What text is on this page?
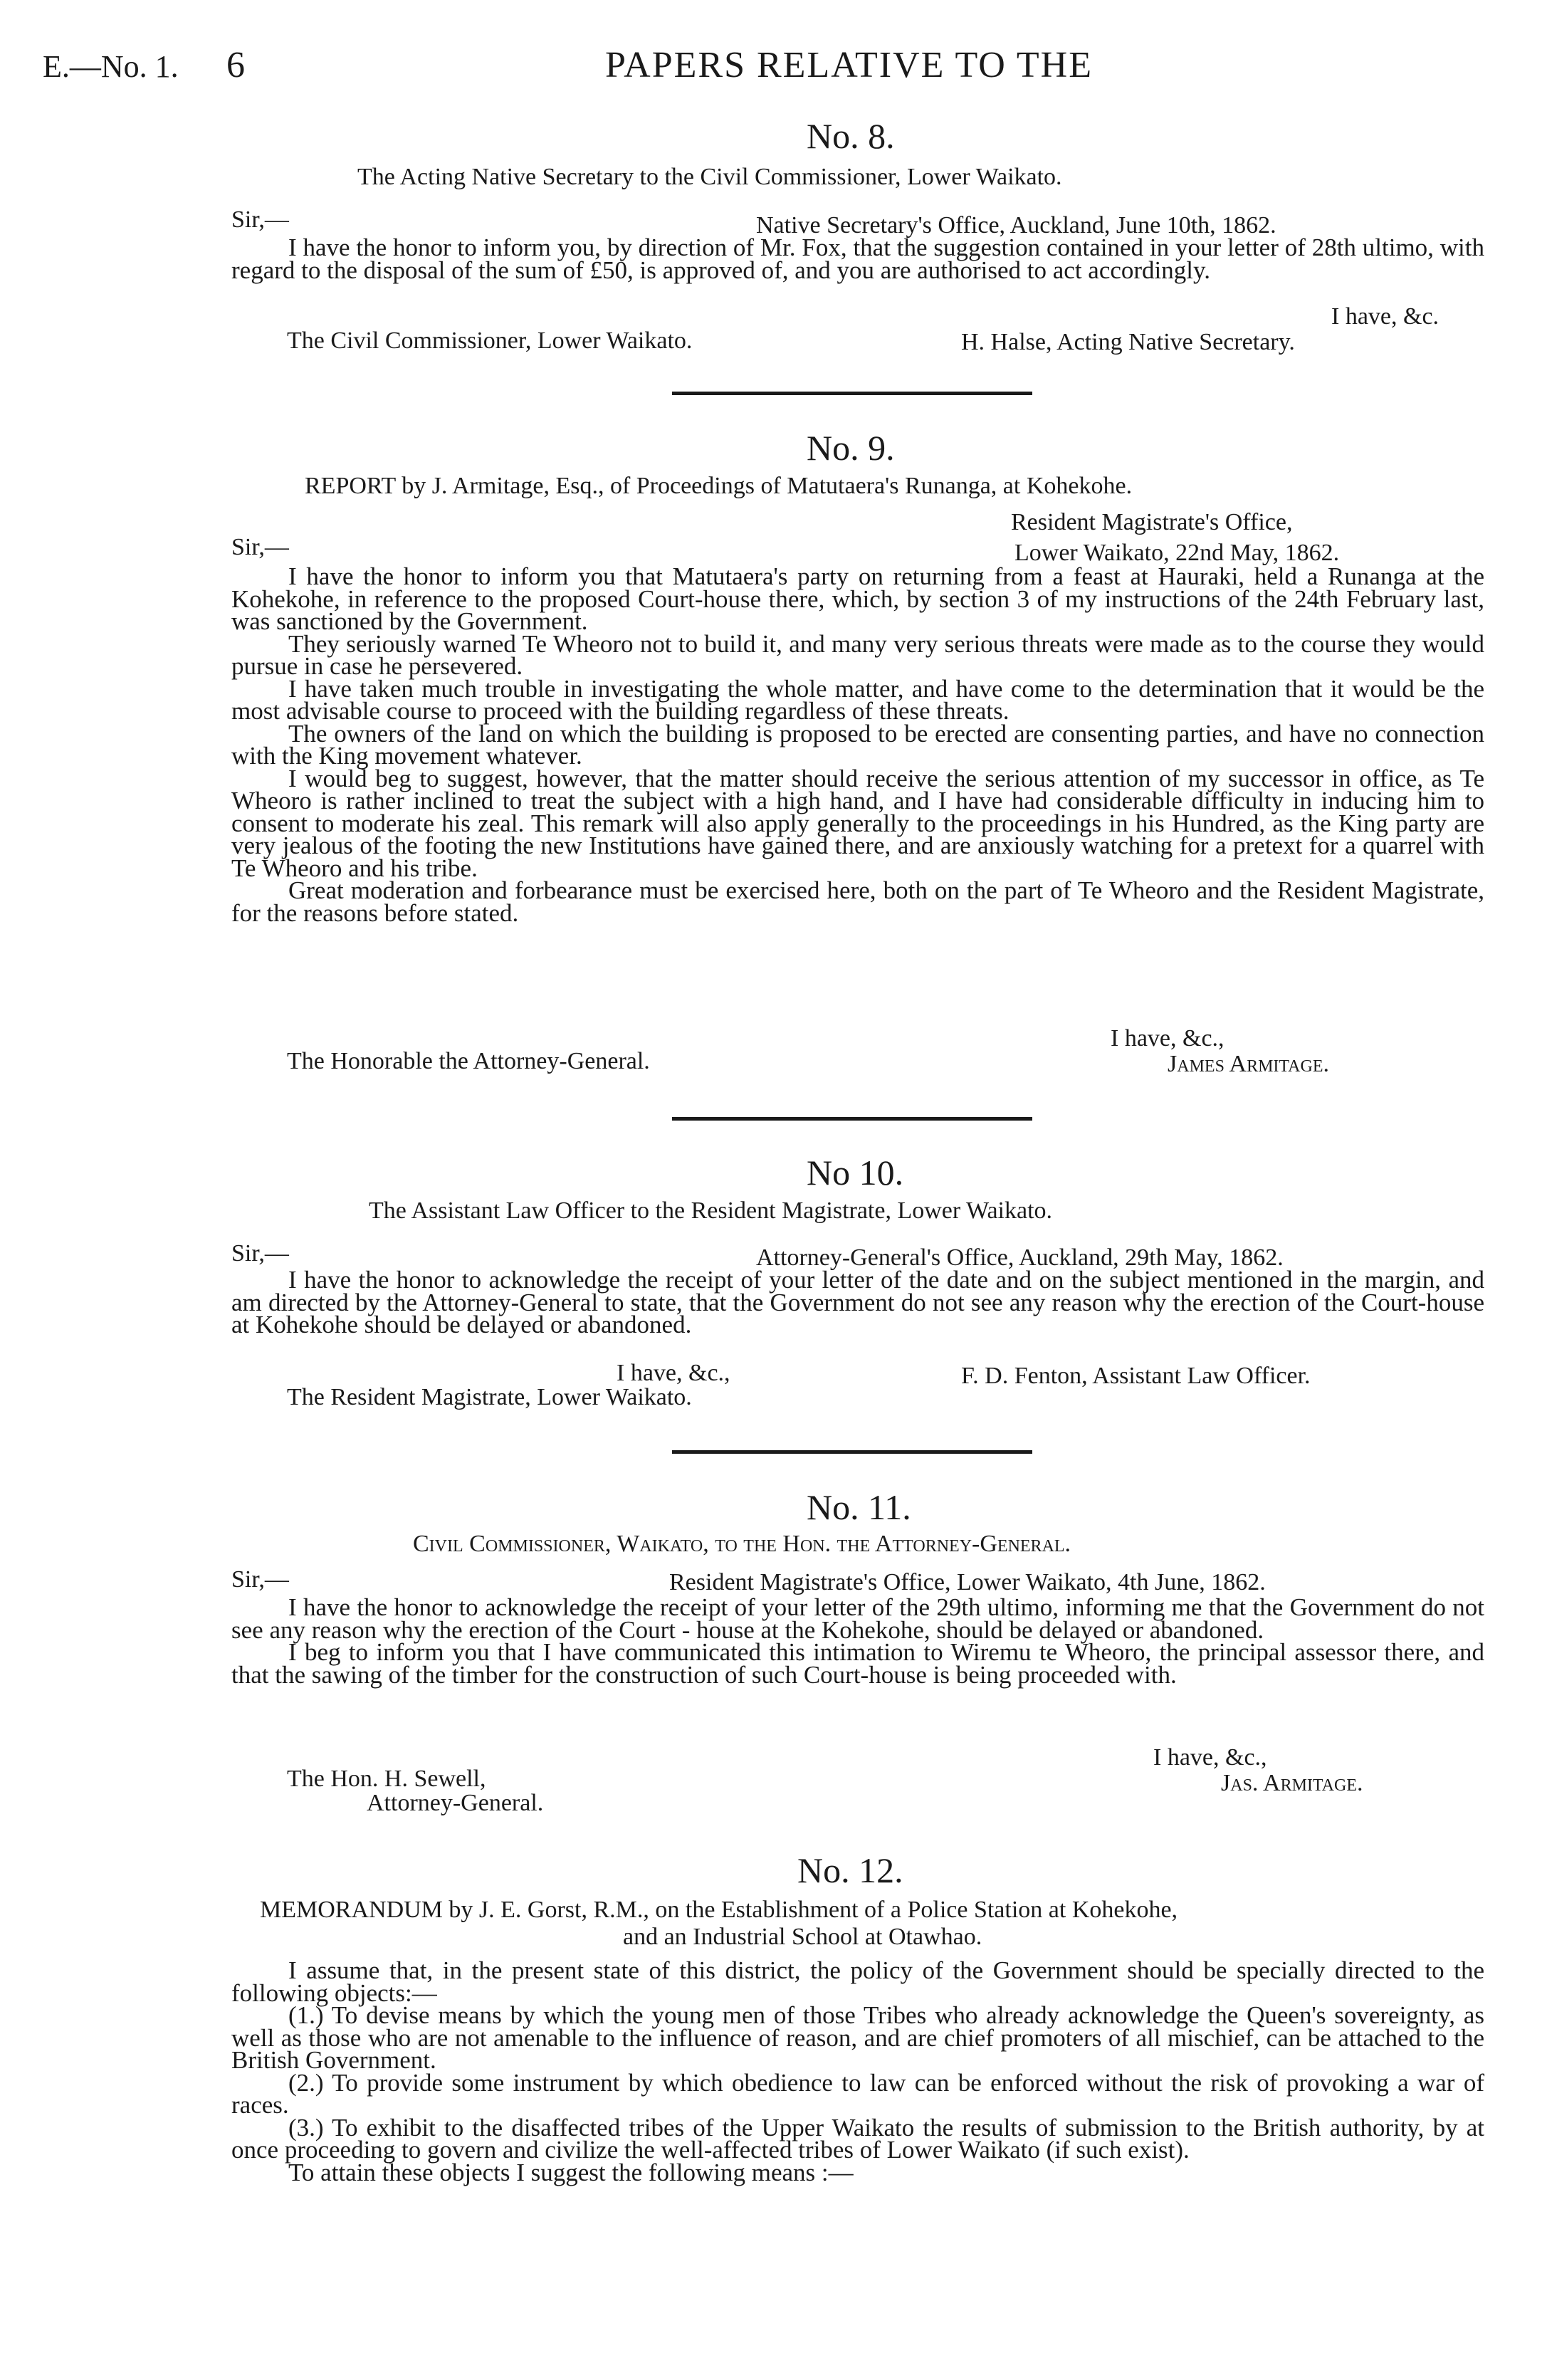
E.—No. 1. 6	PAPERS RELATIVE TO THE
No. 8.
The Acting Native Secretary to the Civil Commissioner, Lower Waikato.
Sir,—	Native Secretary's Office, Auckland, June 10th, 1862.

I have the honor to inform you, by direction of Mr. Fox, that the suggestion contained in your letter of 28th ultimo, with regard to the disposal of the sum of £50, is approved of, and you are authorised to act accordingly.

I have, &c.
The Civil Commissioner, Lower Waikato.	H. Halse, Acting Native Secretary.
No. 9.
REPORT by J. Armitage, Esq., of Proceedings of Matutaera's Runanga, at Kohekohe.
Resident Magistrate's Office,
Sir,—	Lower Waikato, 22nd May, 1862.

I have the honor to inform you that Matutaera's party on returning from a feast at Hauraki, held a Runanga at the Kohekohe, in reference to the proposed Court-house there, which, by section 3 of my instructions of the 24th February last, was sanctioned by the Government.

They seriously warned Te Wheoro not to build it, and many very serious threats were made as to the course they would pursue in case he persevered.

I have taken much trouble in investigating the whole matter, and have come to the determination that it would be the most advisable course to proceed with the building regardless of these threats.

The owners of the land on which the building is proposed to be erected are consenting parties, and have no connection with the King movement whatever.

I would beg to suggest, however, that the matter should receive the serious attention of my successor in office, as Te Wheoro is rather inclined to treat the subject with a high hand, and I have had considerable difficulty in inducing him to consent to moderate his zeal. This remark will also apply generally to the proceedings in his Hundred, as the King party are very jealous of the footing the new Institutions have gained there, and are anxiously watching for a pretext for a quarrel with Te Wheoro and his tribe.

Great moderation and forbearance must be exercised here, both on the part of Te Wheoro and the Resident Magistrate, for the reasons before stated.

I have, &c.,
The Honorable the Attorney-General.	James Armitage.
No 10.
The Assistant Law Officer to the Resident Magistrate, Lower Waikato.
Sir,—	Attorney-General's Office, Auckland, 29th May, 1862.

I have the honor to acknowledge the receipt of your letter of the date and on the subject mentioned in the margin, and am directed by the Attorney-General to state, that the Government do not see any reason why the erection of the Court-house at Kohekohe should be delayed or abandoned.

I have, &c.,	F. D. Fenton, Assistant Law Officer.
The Resident Magistrate, Lower Waikato.
No. 11.
Civil Commissioner, Waikato, to the Hon. the Attorney-General.
Sir,—	Resident Magistrate's Office, Lower Waikato, 4th June, 1862.

I have the honor to acknowledge the receipt of your letter of the 29th ultimo, informing me that the Government do not see any reason why the erection of the Court - house at the Kohekohe, should be delayed or abandoned.

I beg to inform you that I have communicated this intimation to Wiremu te Wheoro, the principal assessor there, and that the sawing of the timber for the construction of such Court-house is being proceeded with.

I have, &c.,
The Hon. H. Sewell,	Jas. Armitage.
Attorney-General.
No. 12.
MEMORANDUM by J. E. Gorst, R.M., on the Establishment of a Police Station at Kohekohe,
and an Industrial School at Otawhao.

I assume that, in the present state of this district, the policy of the Government should be specially directed to the following objects:—

(1.) To devise means by which the young men of those Tribes who already acknowledge the Queen's sovereignty, as well as those who are not amenable to the influence of reason, and are chief promoters of all mischief, can be attached to the British Government.

(2.) To provide some instrument by which obedience to law can be enforced without the risk of provoking a war of races.

(3.) To exhibit to the disaffected tribes of the Upper Waikato the results of submission to the British authority, by at once proceeding to govern and civilize the well-affected tribes of Lower Waikato (if such exist).

To attain these objects I suggest the following means :—
